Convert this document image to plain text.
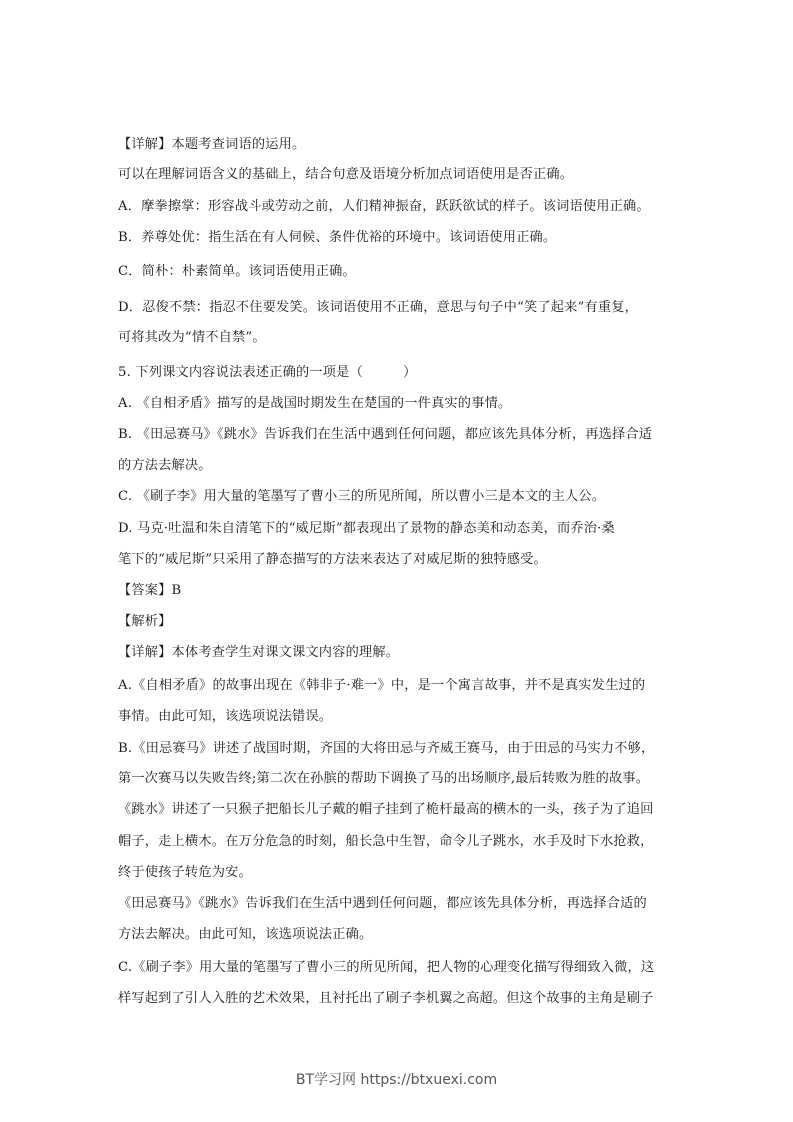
【详解】本题考查词语的运用。
可以在理解词语含义的基础上，结合句意及语境分析加点词语使用是否正确。
A．摩拳擦掌：形容战斗或劳动之前，人们精神振奋，跃跃欲试的样子。该词语使用正确。
B．养尊处优：指生活在有人伺候、条件优裕的环境中。该词语使用正确。
C．简朴：朴素简单。该词语使用正确。
D．忍俊不禁：指忍不住要发笑。该词语使用不正确，意思与句子中“笑了起来”有重复，
可将其改为“情不自禁”。
5. 下列课文内容说法表述正确的一项是（　　　）
A. 《自相矛盾》描写的是战国时期发生在楚国的一件真实的事情。
B. 《田忌赛马》《跳水》告诉我们在生活中遇到任何问题，都应该先具体分析，再选择合适
的方法去解决。
C. 《刷子李》用大量的笔墨写了曹小三的所见所闻，所以曹小三是本文的主人公。
D. 马克·吐温和朱自清笔下的“威尼斯”都表现出了景物的静态美和动态美，而乔治·桑
笔下的“威尼斯”只采用了静态描写的方法来表达了对威尼斯的独特感受。
【答案】B
【解析】
【详解】本体考查学生对课文课文内容的理解。
A.《自相矛盾》的故事出现在《韩非子·难一》中，是一个寓言故事，并不是真实发生过的
事情。由此可知，该选项说法错误。
B.《田忌赛马》讲述了战国时期，齐国的大将田忌与齐威王赛马，由于田忌的马实力不够，
第一次赛马以失败告终;第二次在孙膑的帮助下调换了马的出场顺序,最后转败为胜的故事。
《跳水》讲述了一只猴子把船长儿子戴的帽子挂到了桅杆最高的横木的一头，孩子为了追回
帽子，走上横木。在万分危急的时刻，船长急中生智，命令儿子跳水，水手及时下水抢救，
终于使孩子转危为安。
《田忌赛马》《跳水》告诉我们在生活中遇到任何问题，都应该先具体分析，再选择合适的
方法去解决。由此可知，该选项说法正确。
C.《刷子李》用大量的笔墨写了曹小三的所见所闻，把人物的心理变化描写得细致入微，这
样写起到了引人入胜的艺术效果，且衬托出了刷子李机翼之高超。但这个故事的主角是刷子
BT学习网 https://btxuexi.com
